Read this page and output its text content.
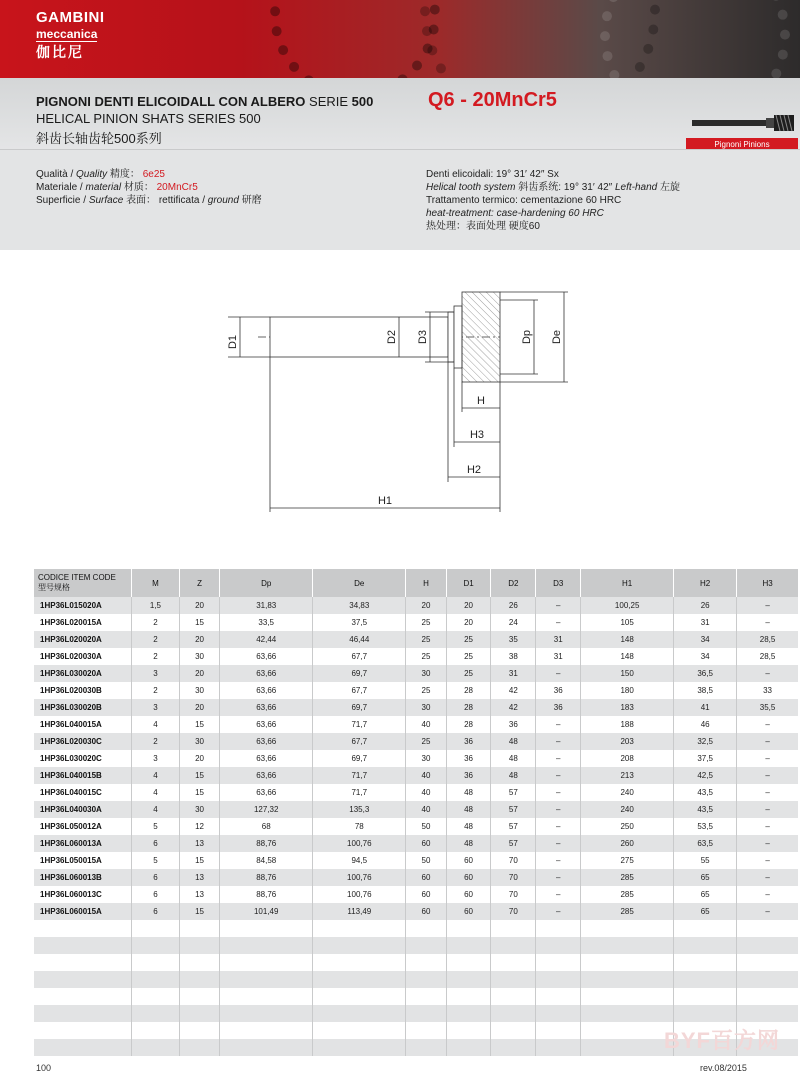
GAMBINI
meccanica
伽比尼
PIGNONI DENTI ELICOIDALL CON ALBERO SERIE 500	Q6 - 20MnCr5
HELICAL PINION SHATS SERIES 500
斜齿长轴齿轮500系列	Pignoni Pinions
Qualità / Quality 精度： 6e25
Materiale / material 材质： 20MnCr5
Superficie / Surface 表面： rettificata / ground 研磨
Denti elicoidali: 19° 31′ 42″ Sx
Helical tooth system 斜齿系统: 19° 31′ 42″ Left-hand 左旋
Trattamento termico: cementazione 60 HRC
heat-treatment: case-hardening 60 HRC
热处理：表面处理 硬度60
D1	D2 D3	Dp De
H
H3
H2
H1
CODICE ITEM CODE
型号规格	M	Z	Dp	De	H	D1	D2	D3	H1	H2	H3
1HP36L015020A	1,5	20	31,83	34,83	20	20	26	–	100,25	26	–
1HP36L020015A	2	15	33,5	37,5	25	20	24	–	105	31	–
1HP36L020020A	2	20	42,44	46,44	25	25	35	31	148	34	28,5
1HP36L020030A	2	30	63,66	67,7	25	25	38	31	148	34	28,5
1HP36L030020A	3	20	63,66	69,7	30	25	31	–	150	36,5	–
1HP36L020030B	2	30	63,66	67,7	25	28	42	36	180	38,5	33
1HP36L030020B	3	20	63,66	69,7	30	28	42	36	183	41	35,5
1HP36L040015A	4	15	63,66	71,7	40	28	36	–	188	46	–
1HP36L020030C	2	30	63,66	67,7	25	36	48	–	203	32,5	–
1HP36L030020C	3	20	63,66	69,7	30	36	48	–	208	37,5	–
1HP36L040015B	4	15	63,66	71,7	40	36	48	–	213	42,5	–
1HP36L040015C	4	15	63,66	71,7	40	48	57	–	240	43,5	–
1HP36L040030A	4	30	127,32	135,3	40	48	57	–	240	43,5	–
1HP36L050012A	5	12	68	78	50	48	57	–	250	53,5	–
1HP36L060013A	6	13	88,76	100,76	60	48	57	–	260	63,5	–
1HP36L050015A	5	15	84,58	94,5	50	60	70	–	275	55	–
1HP36L060013B	6	13	88,76	100,76	60	60	70	–	285	65	–
1HP36L060013C	6	13	88,76	100,76	60	60	70	–	285	65	–
1HP36L060015A	6	15	101,49	113,49	60	60	70	–	285	65	–

BYF百方网
100	rev.08/2015
